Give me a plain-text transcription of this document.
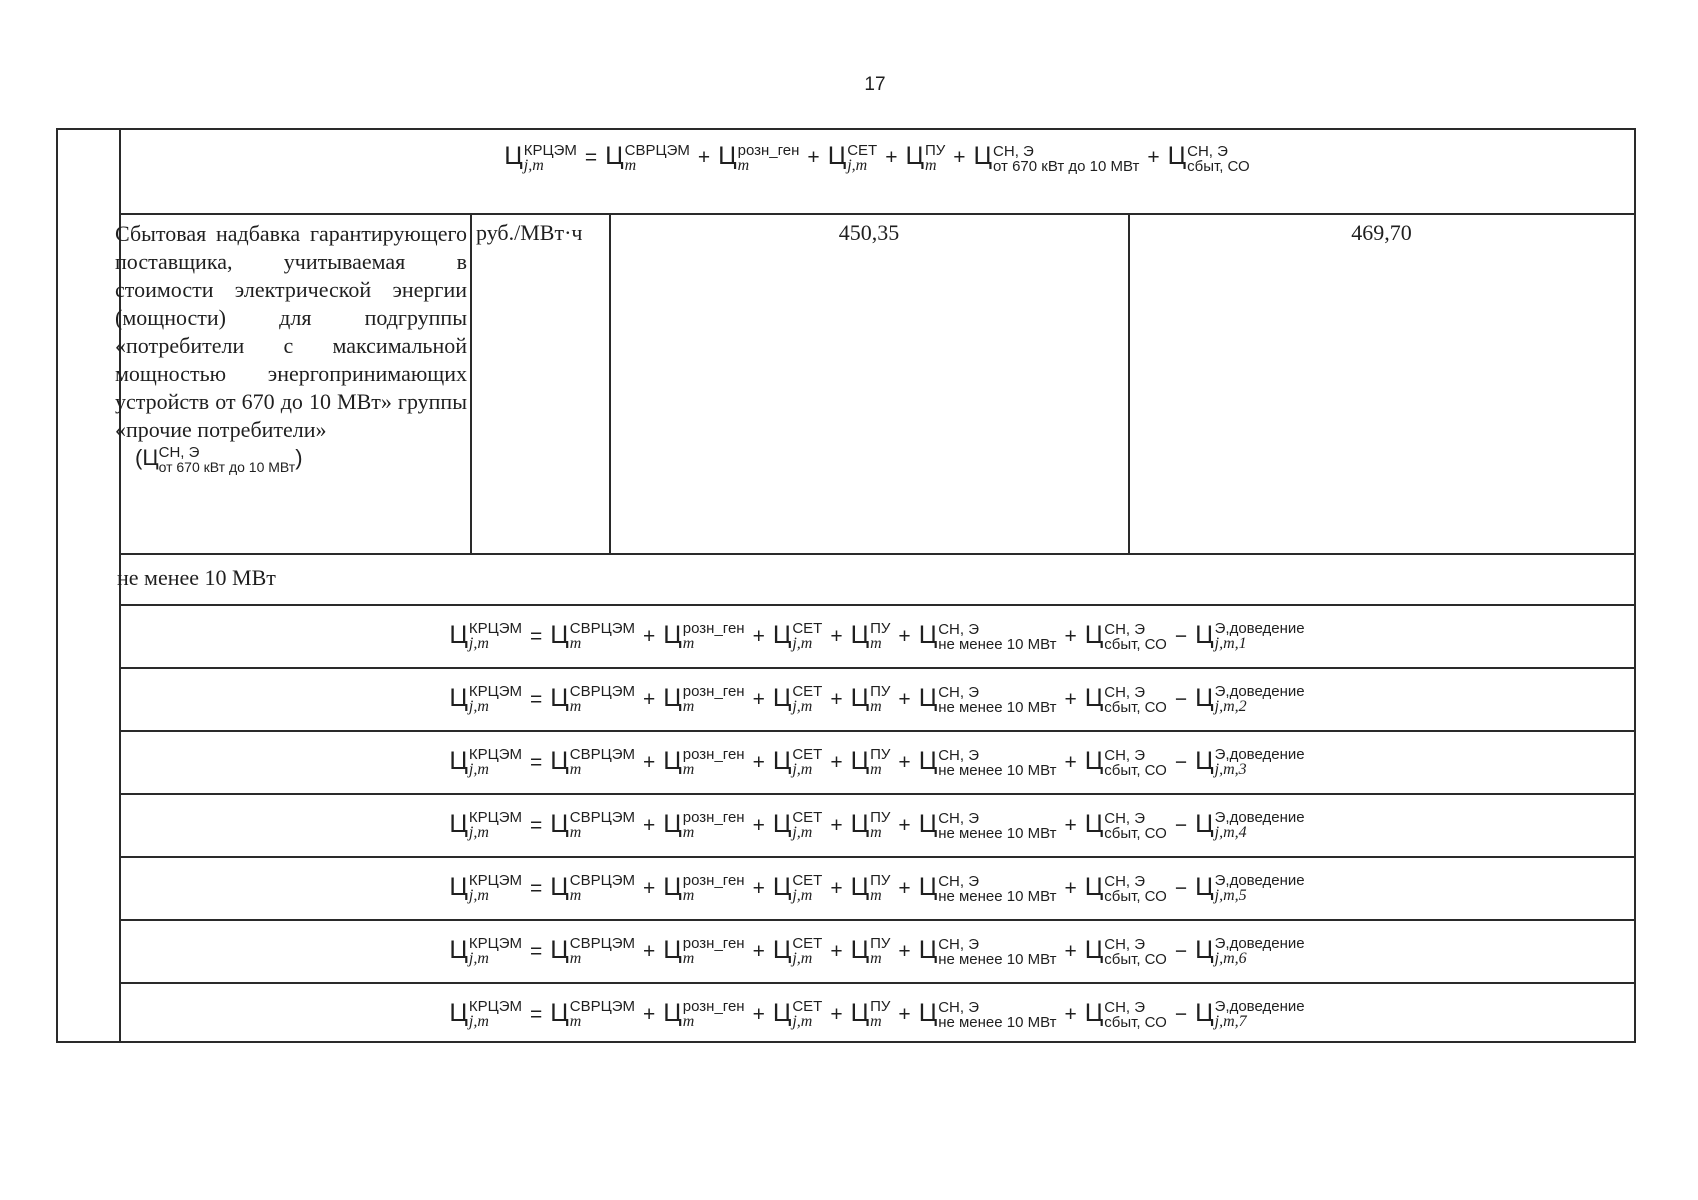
17
Ц КРЦЭМ
j,m	= Ц СВРЦЭМ
m	+ Ц розн_ген
m	+ Ц СЕТ
j,m + Ц ПУ
m + Ц СН, Э
от 670 кВт до 10 МВт + Ц СН, Э
сбыт, СО
Сбытовая надбавка гарантирующего поставщика, учитываемая в стоимости электрической энергии (мощности) для подгруппы «потребители с максимальной мощностью энергопринимающих устройств от 670 до 10 МВт» группы «прочие потребители»
(Ц СН, Э
от 670 кВт до 10 МВт )
руб./МВт·ч	450,35	469,70
не менее 10 МВт
Ц КРЦЭМ
j,m	= Ц СВРЦЭМ
m	+ Ц розн_ген
m	+ Ц СЕТ
j,m + Ц ПУ
m + Ц СН, Э
не менее 10 МВт + Ц СН, Э
сбыт, СО − Ц Э,доведение
j,m,1
Ц КРЦЭМ
j,m	= Ц СВРЦЭМ
m	+ Ц розн_ген
m	+ Ц СЕТ
j,m + Ц ПУ
m + Ц СН, Э
не менее 10 МВт + Ц СН, Э
сбыт, СО − Ц Э,доведение
j,m,2
Ц КРЦЭМ
j,m	= Ц СВРЦЭМ
m	+ Ц розн_ген
m	+ Ц СЕТ
j,m + Ц ПУ
m + Ц СН, Э
не менее 10 МВт + Ц СН, Э
сбыт, СО − Ц Э,доведение
j,m,3
Ц КРЦЭМ
j,m	= Ц СВРЦЭМ
m	+ Ц розн_ген
m	+ Ц СЕТ
j,m + Ц ПУ
m + Ц СН, Э
не менее 10 МВт + Ц СН, Э
сбыт, СО − Ц Э,доведение
j,m,4
Ц КРЦЭМ
j,m	= Ц СВРЦЭМ
m	+ Ц розн_ген
m	+ Ц СЕТ
j,m + Ц ПУ
m + Ц СН, Э
не менее 10 МВт + Ц СН, Э
сбыт, СО − Ц Э,доведение
j,m,5
Ц КРЦЭМ
j,m	= Ц СВРЦЭМ
m	+ Ц розн_ген
m	+ Ц СЕТ
j,m + Ц ПУ
m + Ц СН, Э
не менее 10 МВт + Ц СН, Э
сбыт, СО − Ц Э,доведение
j,m,6
Ц КРЦЭМ
j,m	= Ц СВРЦЭМ
m	+ Ц розн_ген
m	+ Ц СЕТ
j,m + Ц ПУ
m + Ц СН, Э
не менее 10 МВт + Ц СН, Э
сбыт, СО − Ц Э,доведение
j,m,7
